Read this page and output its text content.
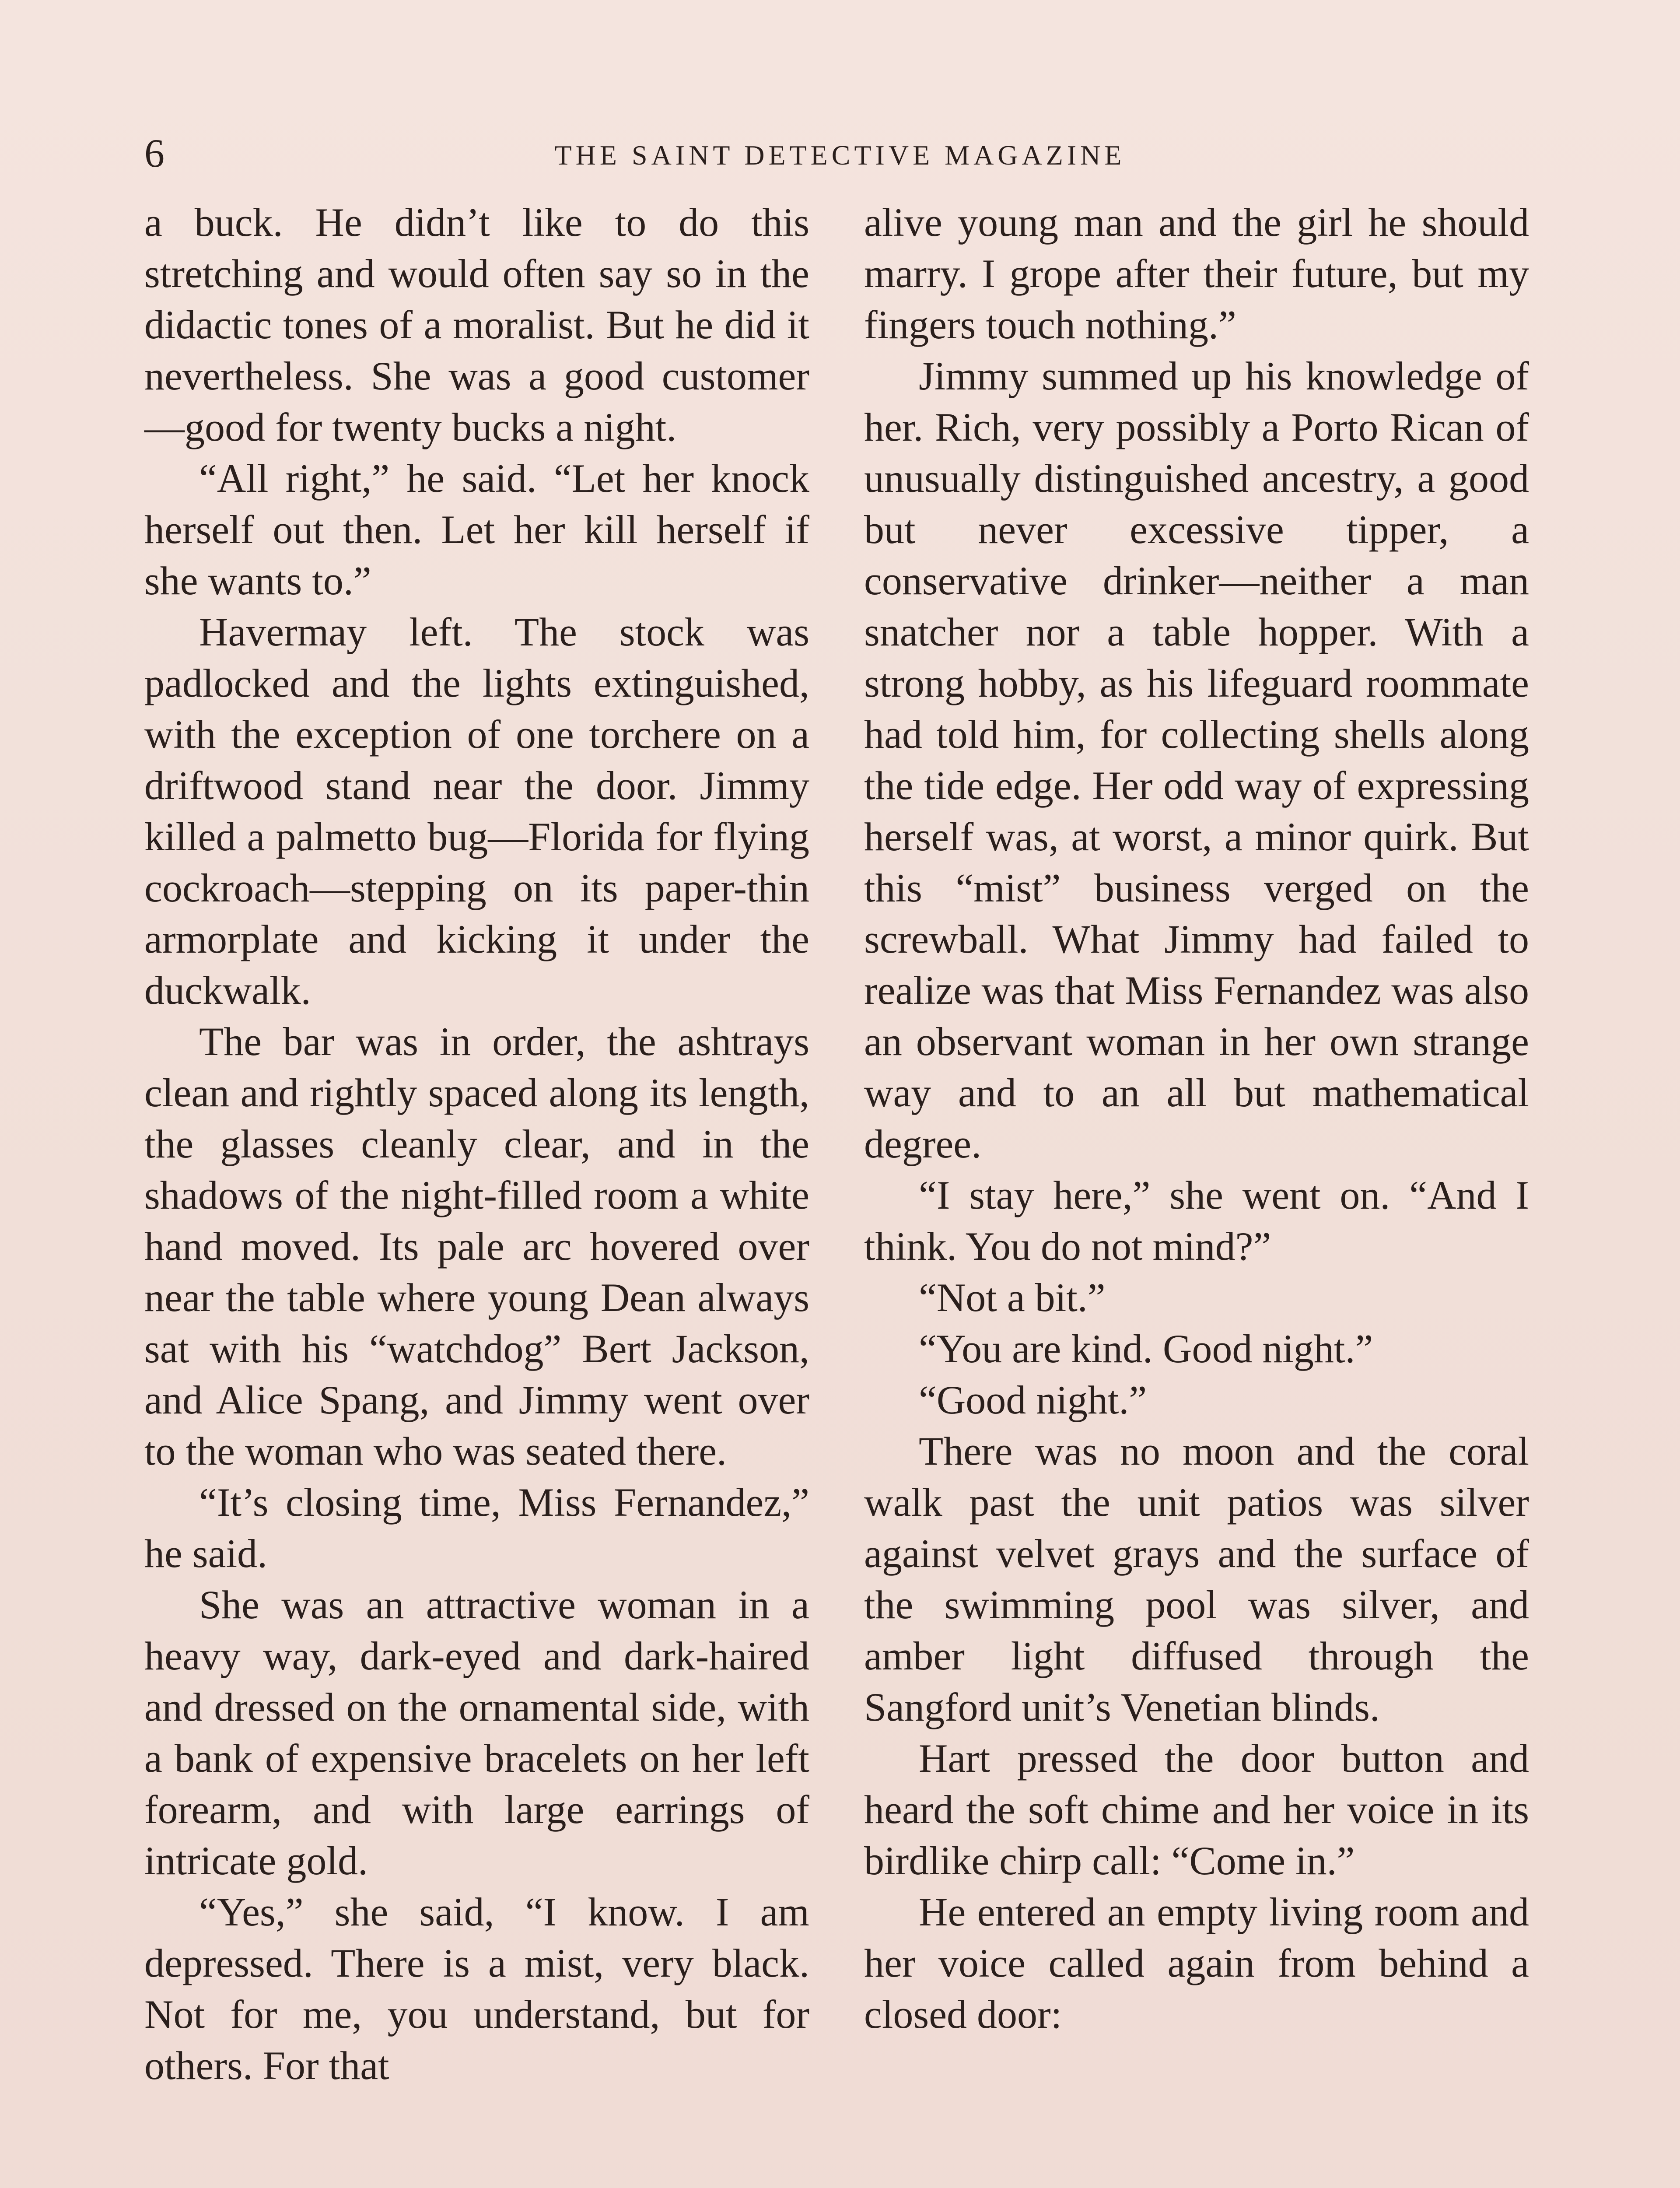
6	THE SAINT DETECTIVE MAGAZINE

a buck. He didn’t like to do this stretching and would often say so in the didactic tones of a moralist. But he did it nevertheless. She was a good customer—good for twenty bucks a night.

“All right,” he said. “Let her knock herself out then. Let her kill herself if she wants to.”

Havermay left. The stock was padlocked and the lights extinguished, with the exception of one torchere on a driftwood stand near the door. Jimmy killed a palmetto bug—Florida for flying cockroach—stepping on its paper-thin armorplate and kicking it under the duckwalk.

The bar was in order, the ashtrays clean and rightly spaced along its length, the glasses cleanly clear, and in the shadows of the night-filled room a white hand moved. Its pale arc hovered over near the table where young Dean always sat with his “watchdog” Bert Jackson, and Alice Spang, and Jimmy went over to the woman who was seated there.

“It’s closing time, Miss Fernandez,” he said.

She was an attractive woman in a heavy way, dark-eyed and dark-haired and dressed on the ornamental side, with a bank of expensive bracelets on her left forearm, and with large earrings of intricate gold.

“Yes,” she said, “I know. I am depressed. There is a mist, very black. Not for me, you understand, but for others. For that

alive young man and the girl he should marry. I grope after their future, but my fingers touch nothing.”

Jimmy summed up his knowledge of her. Rich, very possibly a Porto Rican of unusually distinguished ancestry, a good but never excessive tipper, a conservative drinker—neither a man snatcher nor a table hopper. With a strong hobby, as his lifeguard roommate had told him, for collecting shells along the tide edge. Her odd way of expressing herself was, at worst, a minor quirk. But this “mist” business verged on the screwball. What Jimmy had failed to realize was that Miss Fernandez was also an observant woman in her own strange way and to an all but mathematical degree.

“I stay here,” she went on. “And I think. You do not mind?”

“Not a bit.”

“You are kind. Good night.”

“Good night.”

There was no moon and the coral walk past the unit patios was silver against velvet grays and the surface of the swimming pool was silver, and amber light diffused through the Sangford unit’s Venetian blinds.

Hart pressed the door button and heard the soft chime and her voice in its birdlike chirp call: “Come in.”

He entered an empty living room and her voice called again from behind a closed door:
